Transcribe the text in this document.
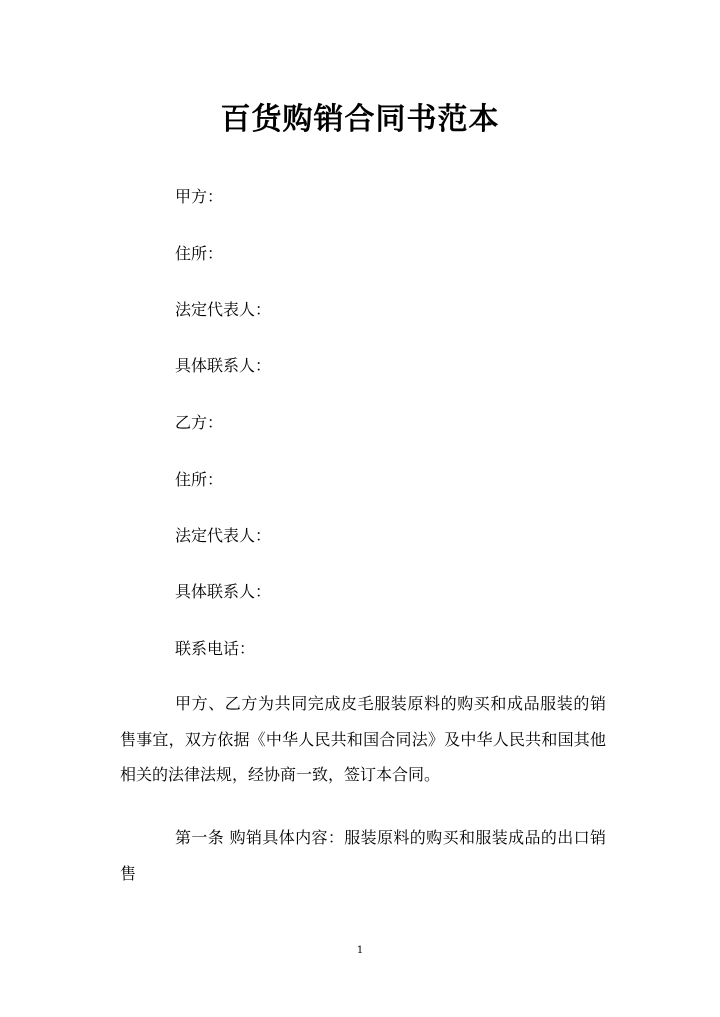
百货购销合同书范本
甲方：
住所：
法定代表人：
具体联系人：
乙方：
住所：
法定代表人：
具体联系人：
联系电话：

甲方、乙方为共同完成皮毛服装原料的购买和成品服装的销售事宜，双方依据《中华人民共和国合同法》及中华人民共和国其他相关的法律法规，经协商一致，签订本合同。

第一条 购销具体内容：服装原料的购买和服装成品的出口销售

1
